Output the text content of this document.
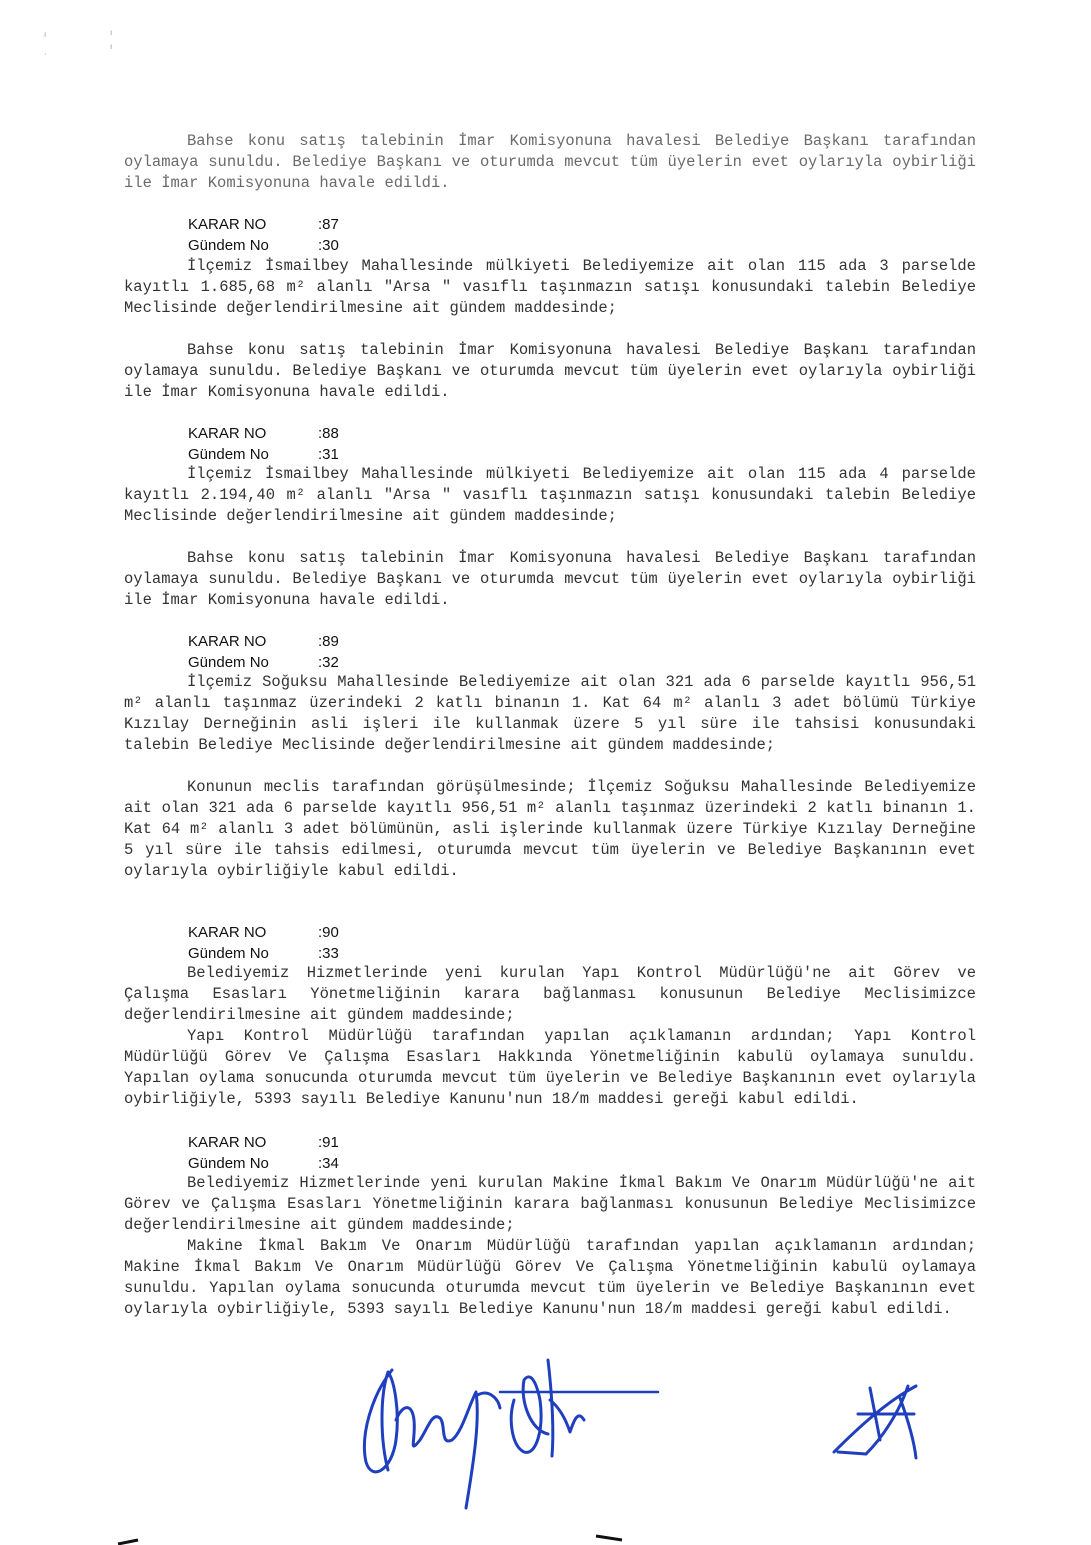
ı	ı
·
ı
Bahse konu satış talebinin İmar Komisyonuna havalesi Belediye Başkanı tarafından oylamaya sunuldu. Belediye Başkanı ve oturumda mevcut tüm üyelerin evet oylarıyla oybirliği ile İmar Komisyonuna havale edildi.
KARAR NO	:87
Gündem No	:30
İlçemiz İsmailbey Mahallesinde mülkiyeti Belediyemize ait olan 115 ada 3 parselde kayıtlı 1.685,68 m² alanlı "Arsa " vasıflı taşınmazın satışı konusundaki talebin Belediye Meclisinde değerlendirilmesine ait gündem maddesinde;
Bahse konu satış talebinin İmar Komisyonuna havalesi Belediye Başkanı tarafından oylamaya sunuldu. Belediye Başkanı ve oturumda mevcut tüm üyelerin evet oylarıyla oybirliği ile İmar Komisyonuna havale edildi.
KARAR NO	:88
Gündem No	:31
İlçemiz İsmailbey Mahallesinde mülkiyeti Belediyemize ait olan 115 ada 4 parselde kayıtlı 2.194,40 m² alanlı "Arsa " vasıflı taşınmazın satışı konusundaki talebin Belediye Meclisinde değerlendirilmesine ait gündem maddesinde;
Bahse konu satış talebinin İmar Komisyonuna havalesi Belediye Başkanı tarafından oylamaya sunuldu. Belediye Başkanı ve oturumda mevcut tüm üyelerin evet oylarıyla oybirliği ile İmar Komisyonuna havale edildi.
KARAR NO	:89
Gündem No	:32
İlçemiz Soğuksu Mahallesinde Belediyemize ait olan 321 ada 6 parselde kayıtlı 956,51 m² alanlı taşınmaz üzerindeki 2 katlı binanın 1. Kat 64 m² alanlı 3 adet bölümü Türkiye Kızılay Derneğinin asli işleri ile kullanmak üzere 5 yıl süre ile tahsisi konusundaki talebin Belediye Meclisinde değerlendirilmesine ait gündem maddesinde;
Konunun meclis tarafından görüşülmesinde; İlçemiz Soğuksu Mahallesinde Belediyemize ait olan 321 ada 6 parselde kayıtlı 956,51 m² alanlı taşınmaz üzerindeki 2 katlı binanın 1. Kat 64 m² alanlı 3 adet bölümünün, asli işlerinde kullanmak üzere Türkiye Kızılay Derneğine 5 yıl süre ile tahsis edilmesi, oturumda mevcut tüm üyelerin ve Belediye Başkanının evet oylarıyla oybirliğiyle kabul edildi.
KARAR NO	:90
Gündem No	:33
Belediyemiz Hizmetlerinde yeni kurulan Yapı Kontrol Müdürlüğü'ne ait Görev ve Çalışma Esasları Yönetmeliğinin karara bağlanması konusunun Belediye Meclisimizce değerlendirilmesine ait gündem maddesinde;
Yapı Kontrol Müdürlüğü tarafından yapılan açıklamanın ardından; Yapı Kontrol Müdürlüğü Görev Ve Çalışma Esasları Hakkında Yönetmeliğinin kabulü oylamaya sunuldu. Yapılan oylama sonucunda oturumda mevcut tüm üyelerin ve Belediye Başkanının evet oylarıyla oybirliğiyle, 5393 sayılı Belediye Kanunu'nun 18/m maddesi gereği kabul edildi.
KARAR NO	:91
Gündem No	:34
Belediyemiz Hizmetlerinde yeni kurulan Makine İkmal Bakım Ve Onarım Müdürlüğü'ne ait Görev ve Çalışma Esasları Yönetmeliğinin karara bağlanması konusunun Belediye Meclisimizce değerlendirilmesine ait gündem maddesinde;
Makine İkmal Bakım Ve Onarım Müdürlüğü tarafından yapılan açıklamanın ardından; Makine İkmal Bakım Ve Onarım Müdürlüğü Görev Ve Çalışma Yönetmeliğinin kabulü oylamaya sunuldu. Yapılan oylama sonucunda oturumda mevcut tüm üyelerin ve Belediye Başkanının evet oylarıyla oybirliğiyle, 5393 sayılı Belediye Kanunu'nun 18/m maddesi gereği kabul edildi.
